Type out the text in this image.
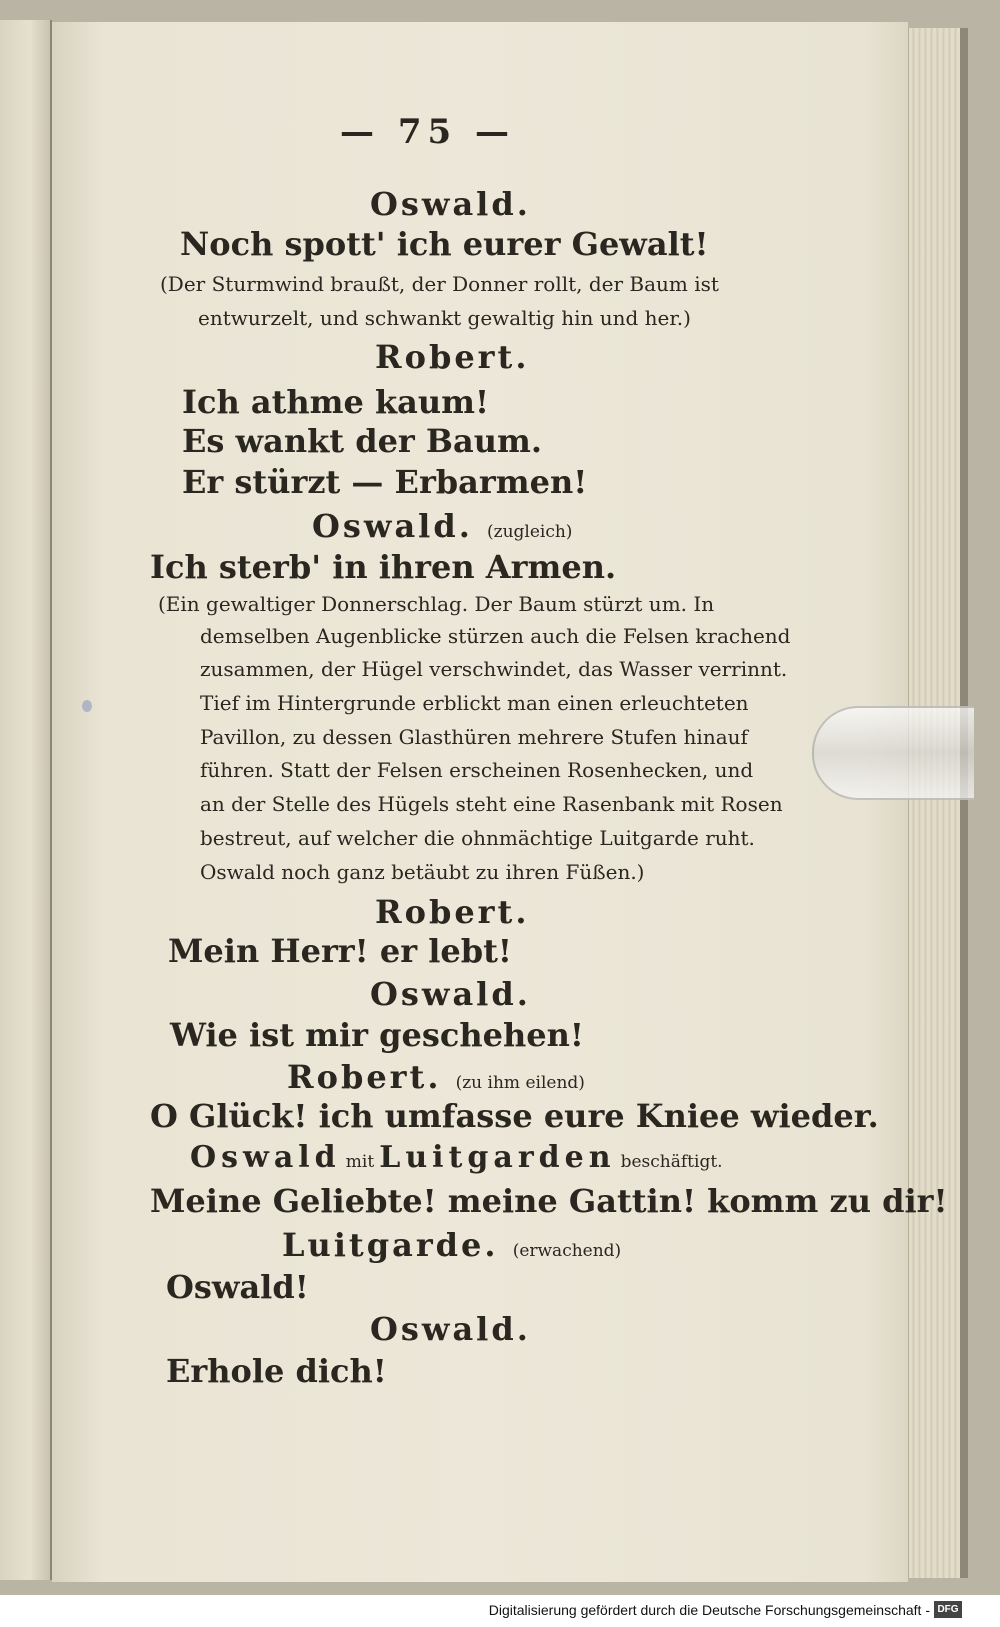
— 75 —
Oswald.
Noch spott' ich eurer Gewalt!
(Der Sturmwind braußt, der Donner rollt, der Baum ist
entwurzelt, und schwankt gewaltig hin und her.)
Robert.
Ich athme kaum!
Es wankt der Baum.
Er stürzt — Erbarmen!
Oswald. (zugleich)
Ich sterb' in ihren Armen.
(Ein gewaltiger Donnerschlag. Der Baum stürzt um. In
demselben Augenblicke stürzen auch die Felsen krachend
zusammen, der Hügel verschwindet, das Wasser verrinnt.
Tief im Hintergrunde erblickt man einen erleuchteten
Pavillon, zu dessen Glasthüren mehrere Stufen hinauf
führen. Statt der Felsen erscheinen Rosenhecken, und
an der Stelle des Hügels steht eine Rasenbank mit Rosen
bestreut, auf welcher die ohnmächtige Luitgarde ruht.
Oswald noch ganz betäubt zu ihren Füßen.)
Robert.
Mein Herr! er lebt!
Oswald.
Wie ist mir geschehen!
Robert. (zu ihm eilend)
O Glück! ich umfasse eure Kniee wieder.
Oswald mit Luitgarden beschäftigt.
Meine Geliebte! meine Gattin! komm zu dir!
Luitgarde. (erwachend)
Oswald!
Oswald.
Erhole dich!
Digitalisierung gefördert durch die Deutsche Forschungsgemeinschaft - DFG
